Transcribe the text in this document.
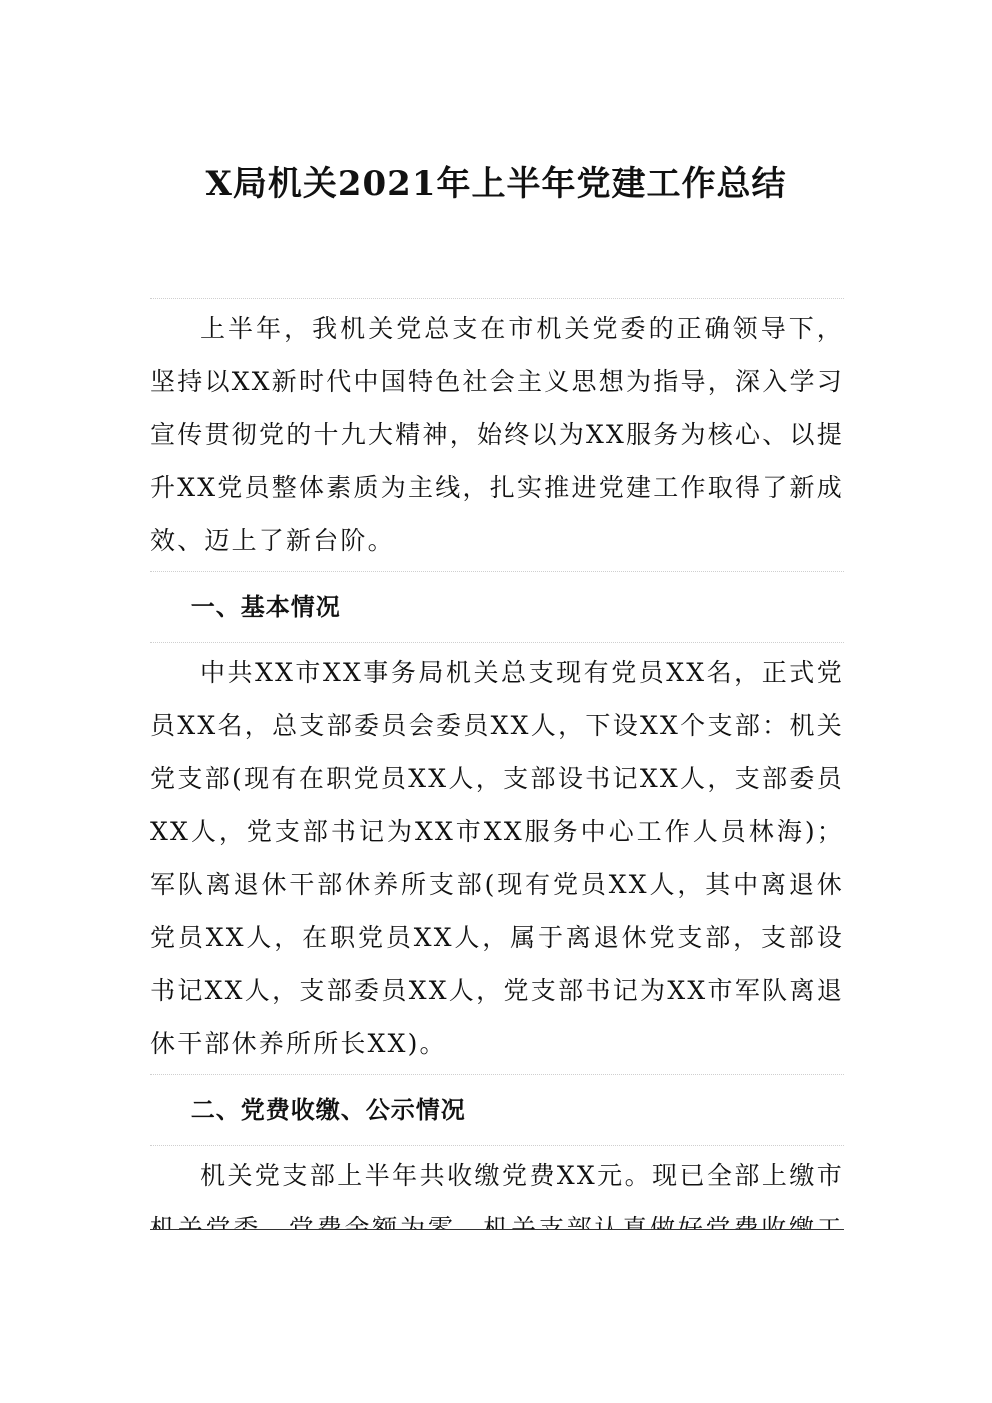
X局机关2021年上半年党建工作总结

上半年，我机关党总支在市机关党委的正确领导下，坚持以XX新时代中国特色社会主义思想为指导，深入学习宣传贯彻党的十九大精神，始终以为XX服务为核心、以提升XX党员整体素质为主线，扎实推进党建工作取得了新成效、迈上了新台阶。

一、基本情况

中共XX市XX事务局机关总支现有党员XX名，正式党员XX名，总支部委员会委员XX人，下设XX个支部：机关党支部(现有在职党员XX人，支部设书记XX人，支部委员XX人，党支部书记为XX市XX服务中心工作人员林海)；军队离退休干部休养所支部(现有党员XX人，其中离退休党员XX人，在职党员XX人，属于离退休党支部，支部设书记XX人，支部委员XX人，党支部书记为XX市军队离退休干部休养所所长XX)。

二、党费收缴、公示情况

机关党支部上半年共收缴党费XX元。现已全部上缴市
